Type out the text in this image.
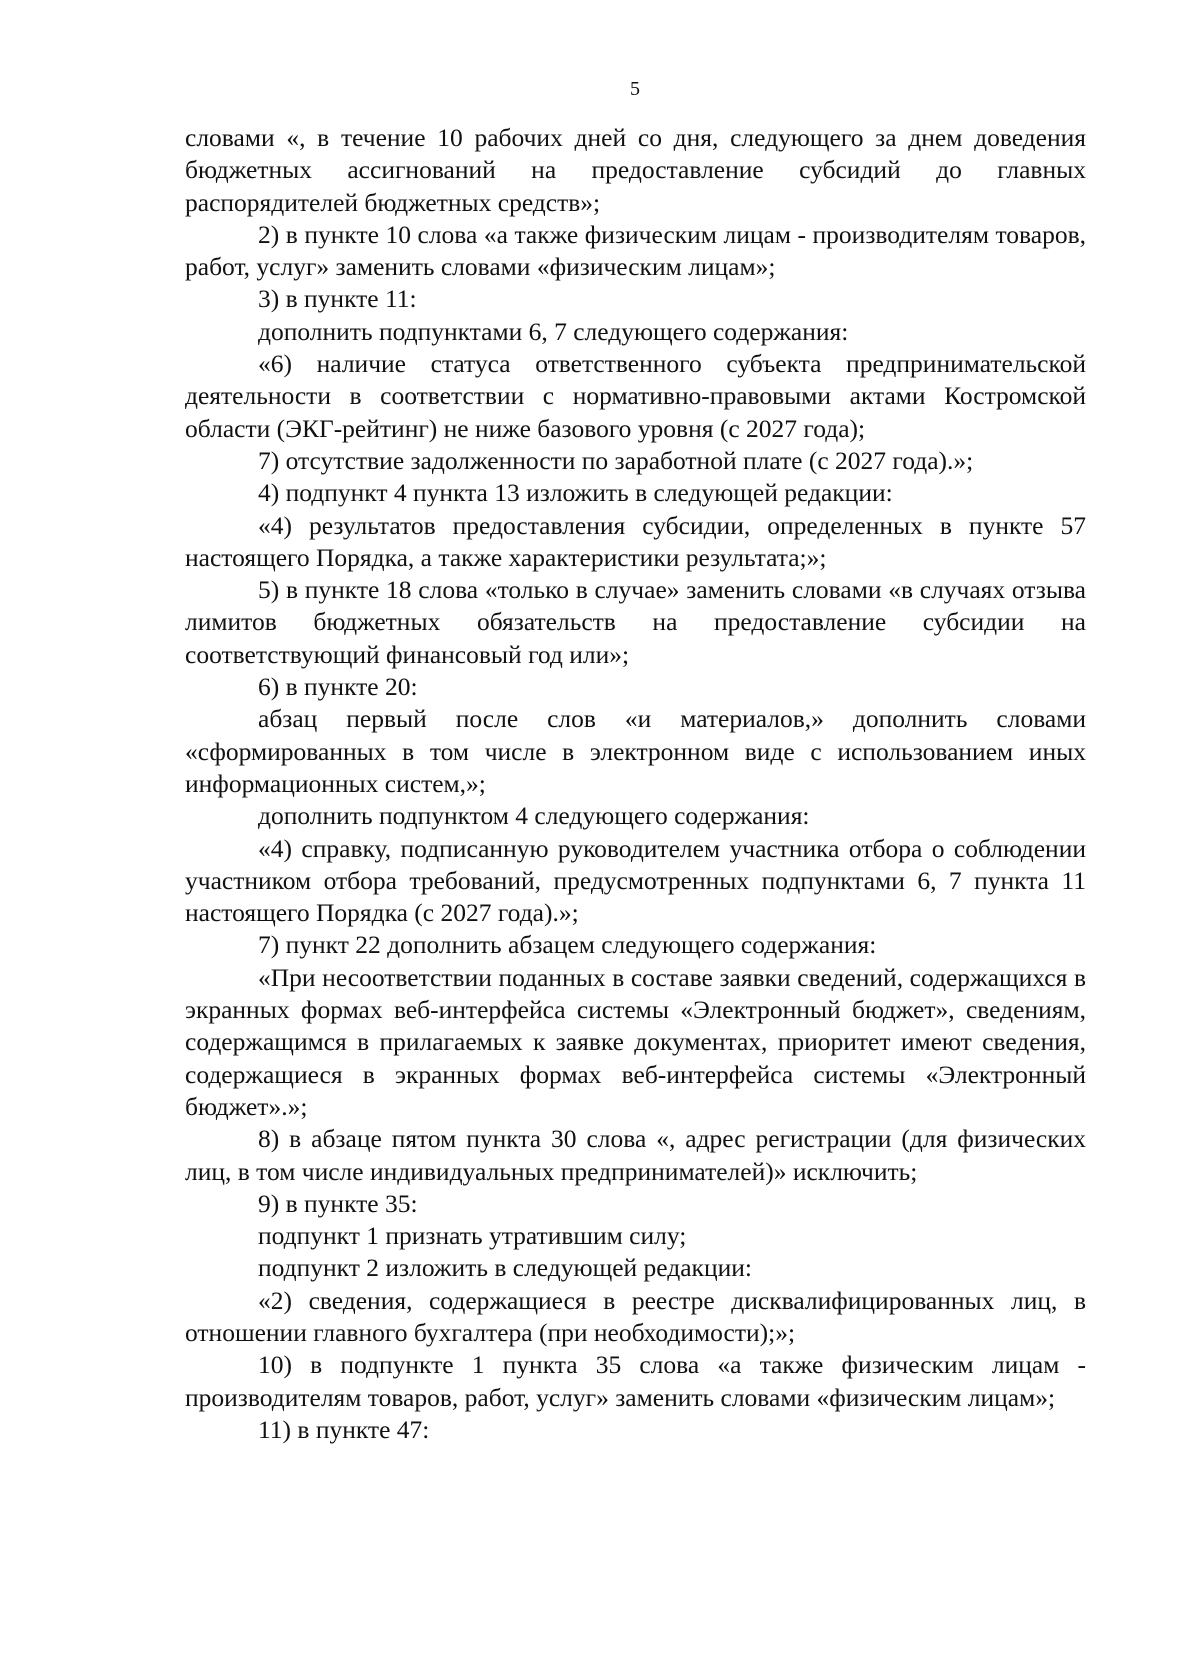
5

словами «, в течение 10 рабочих дней со дня, следующего за днем доведения бюджетных ассигнований на предоставление субсидий до главных распорядителей бюджетных средств»;

2) в пункте 10 слова «а также физическим лицам - производителям товаров, работ, услуг» заменить словами «физическим лицам»;

3) в пункте 11:

дополнить подпунктами 6, 7 следующего содержания:

«6) наличие статуса ответственного субъекта предпринимательской деятельности в соответствии с нормативно-правовыми актами Костромской области (ЭКГ-рейтинг) не ниже базового уровня (с 2027 года);

7) отсутствие задолженности по заработной плате (с 2027 года).»;

4) подпункт 4 пункта 13 изложить в следующей редакции:

«4) результатов предоставления субсидии, определенных в пункте 57 настоящего Порядка, а также характеристики результата;»;

5) в пункте 18 слова «только в случае» заменить словами «в случаях отзыва лимитов бюджетных обязательств на предоставление субсидии на соответствующий финансовый год или»;

6) в пункте 20:

абзац первый после слов «и материалов,» дополнить словами «сформированных в том числе в электронном виде с использованием иных информационных систем,»;

дополнить подпунктом 4 следующего содержания:

«4) справку, подписанную руководителем участника отбора о соблюдении участником отбора требований, предусмотренных подпунктами 6, 7 пункта 11 настоящего Порядка (с 2027 года).»;

7) пункт 22 дополнить абзацем следующего содержания:

«При несоответствии поданных в составе заявки сведений, содержащихся в экранных формах веб-интерфейса системы «Электронный бюджет», сведениям, содержащимся в прилагаемых к заявке документах, приоритет имеют сведения, содержащиеся в экранных формах веб-интерфейса системы «Электронный бюджет».»;

8) в абзаце пятом пункта 30 слова «, адрес регистрации (для физических лиц, в том числе индивидуальных предпринимателей)» исключить;

9) в пункте 35:

подпункт 1 признать утратившим силу;

подпункт 2 изложить в следующей редакции:

«2) сведения, содержащиеся в реестре дисквалифицированных лиц, в отношении главного бухгалтера (при необходимости);»;

10) в подпункте 1 пункта 35 слова «а также физическим лицам - производителям товаров, работ, услуг» заменить словами «физическим лицам»;

11) в пункте 47:
